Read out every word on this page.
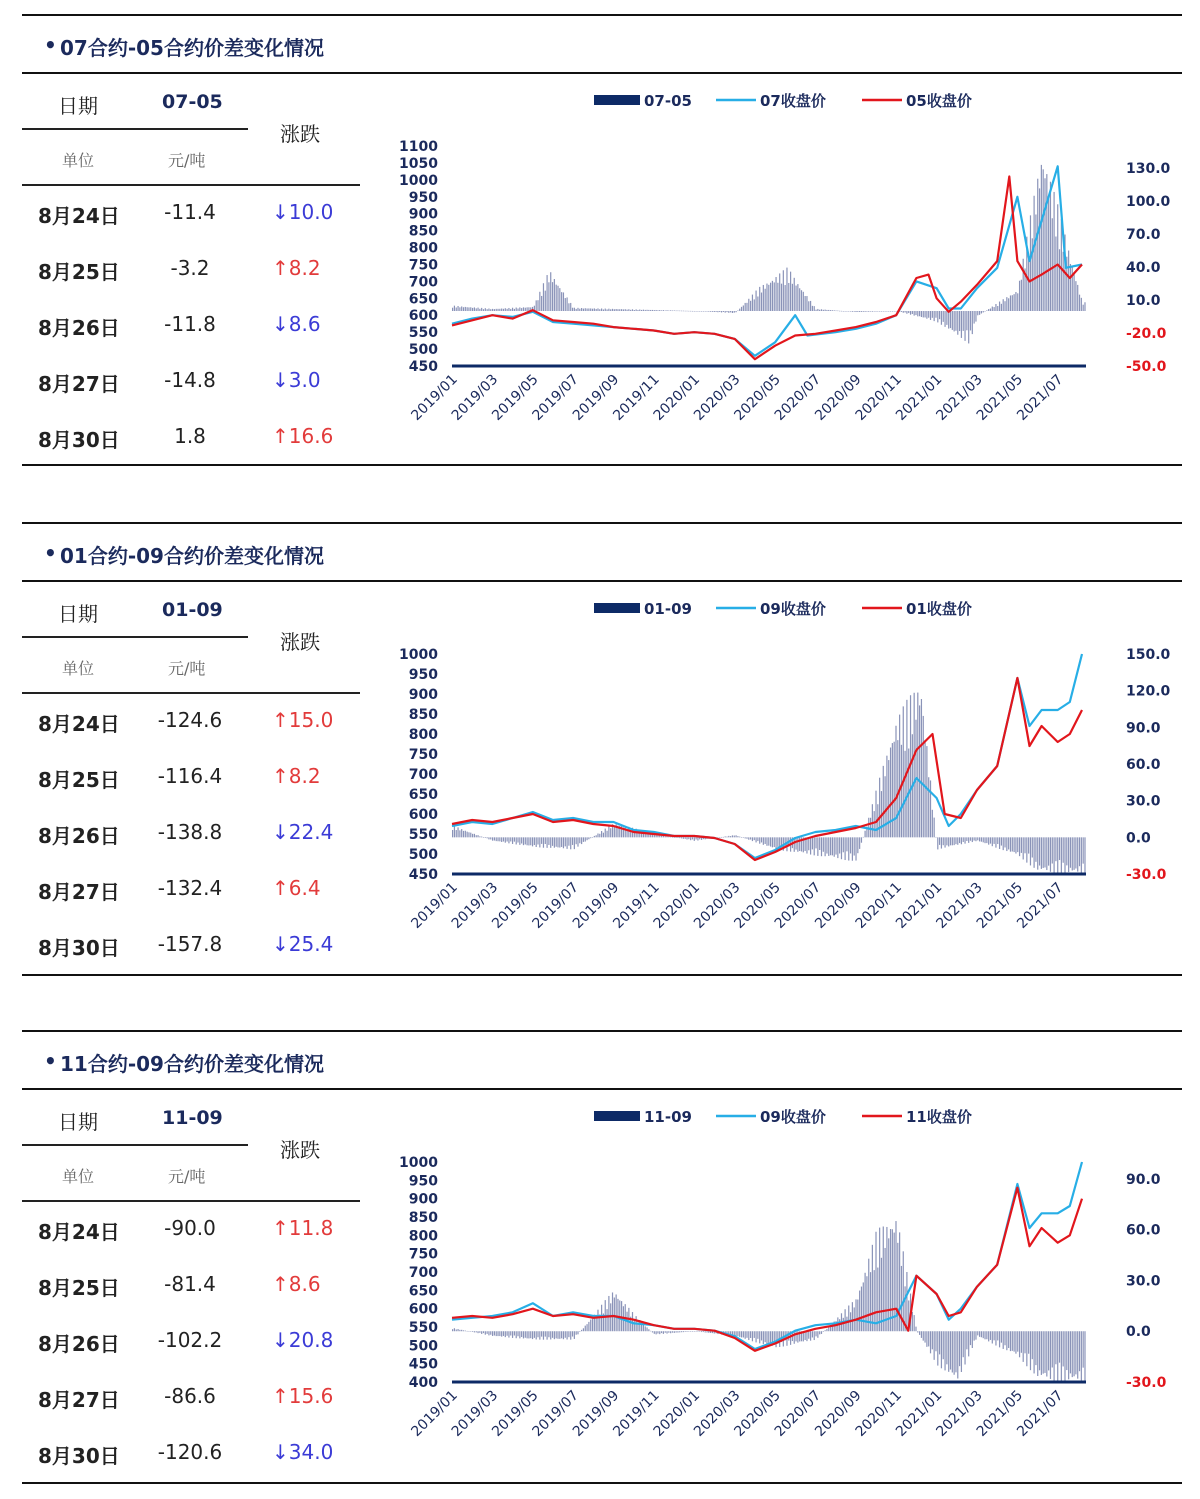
• 07合约-05合约价差变化情况
日期	07-05
涨跌
单位	元/吨
8月24日	-11.4	↓10.0
8月25日	-3.2	↑8.2
8月26日	-11.8	↓8.6
8月27日	-14.8	↓3.0
8月30日	1.8	↑16.6
07-05	07收盘价	05收盘价
450
500
550
600
650
700
750
800
850
900
950
1000
1050
1100
130.0
100.0
70.0
40.0
10.0
-20.0
-50.0
2019/01
2019/03
2019/05
2019/07
2019/09
2019/11
2020/01
2020/03
2020/05
2020/07
2020/09
2020/11
2021/01
2021/03
2021/05
2021/07
• 01合约-09合约价差变化情况
日期	01-09
涨跌
单位	元/吨
8月24日	-124.6	↑15.0
8月25日	-116.4	↑8.2
8月26日	-138.8	↓22.4
8月27日	-132.4	↑6.4
8月30日	-157.8	↓25.4
01-09	09收盘价	01收盘价
450
500
550
600
650
700
750
800
850
900
950
1000	150.0
120.0
90.0
60.0
30.0
0.0
-30.0
2019/01
2019/03
2019/05
2019/07
2019/09
2019/11
2020/01
2020/03
2020/05
2020/07
2020/09
2020/11
2021/01
2021/03
2021/05
2021/07
• 11合约-09合约价差变化情况
日期	11-09
涨跌
单位	元/吨
8月24日	-90.0	↑11.8
8月25日	-81.4	↑8.6
8月26日	-102.2	↓20.8
8月27日	-86.6	↑15.6
8月30日	-120.6	↓34.0
11-09	09收盘价	11收盘价
400
450
500
550
600
650
700
750
800
850
900
950
1000
90.0
60.0
30.0
0.0
-30.0
2019/01
2019/03
2019/05
2019/07
2019/09
2019/11
2020/01
2020/03
2020/05
2020/07
2020/09
2020/11
2021/01
2021/03
2021/05
2021/07
